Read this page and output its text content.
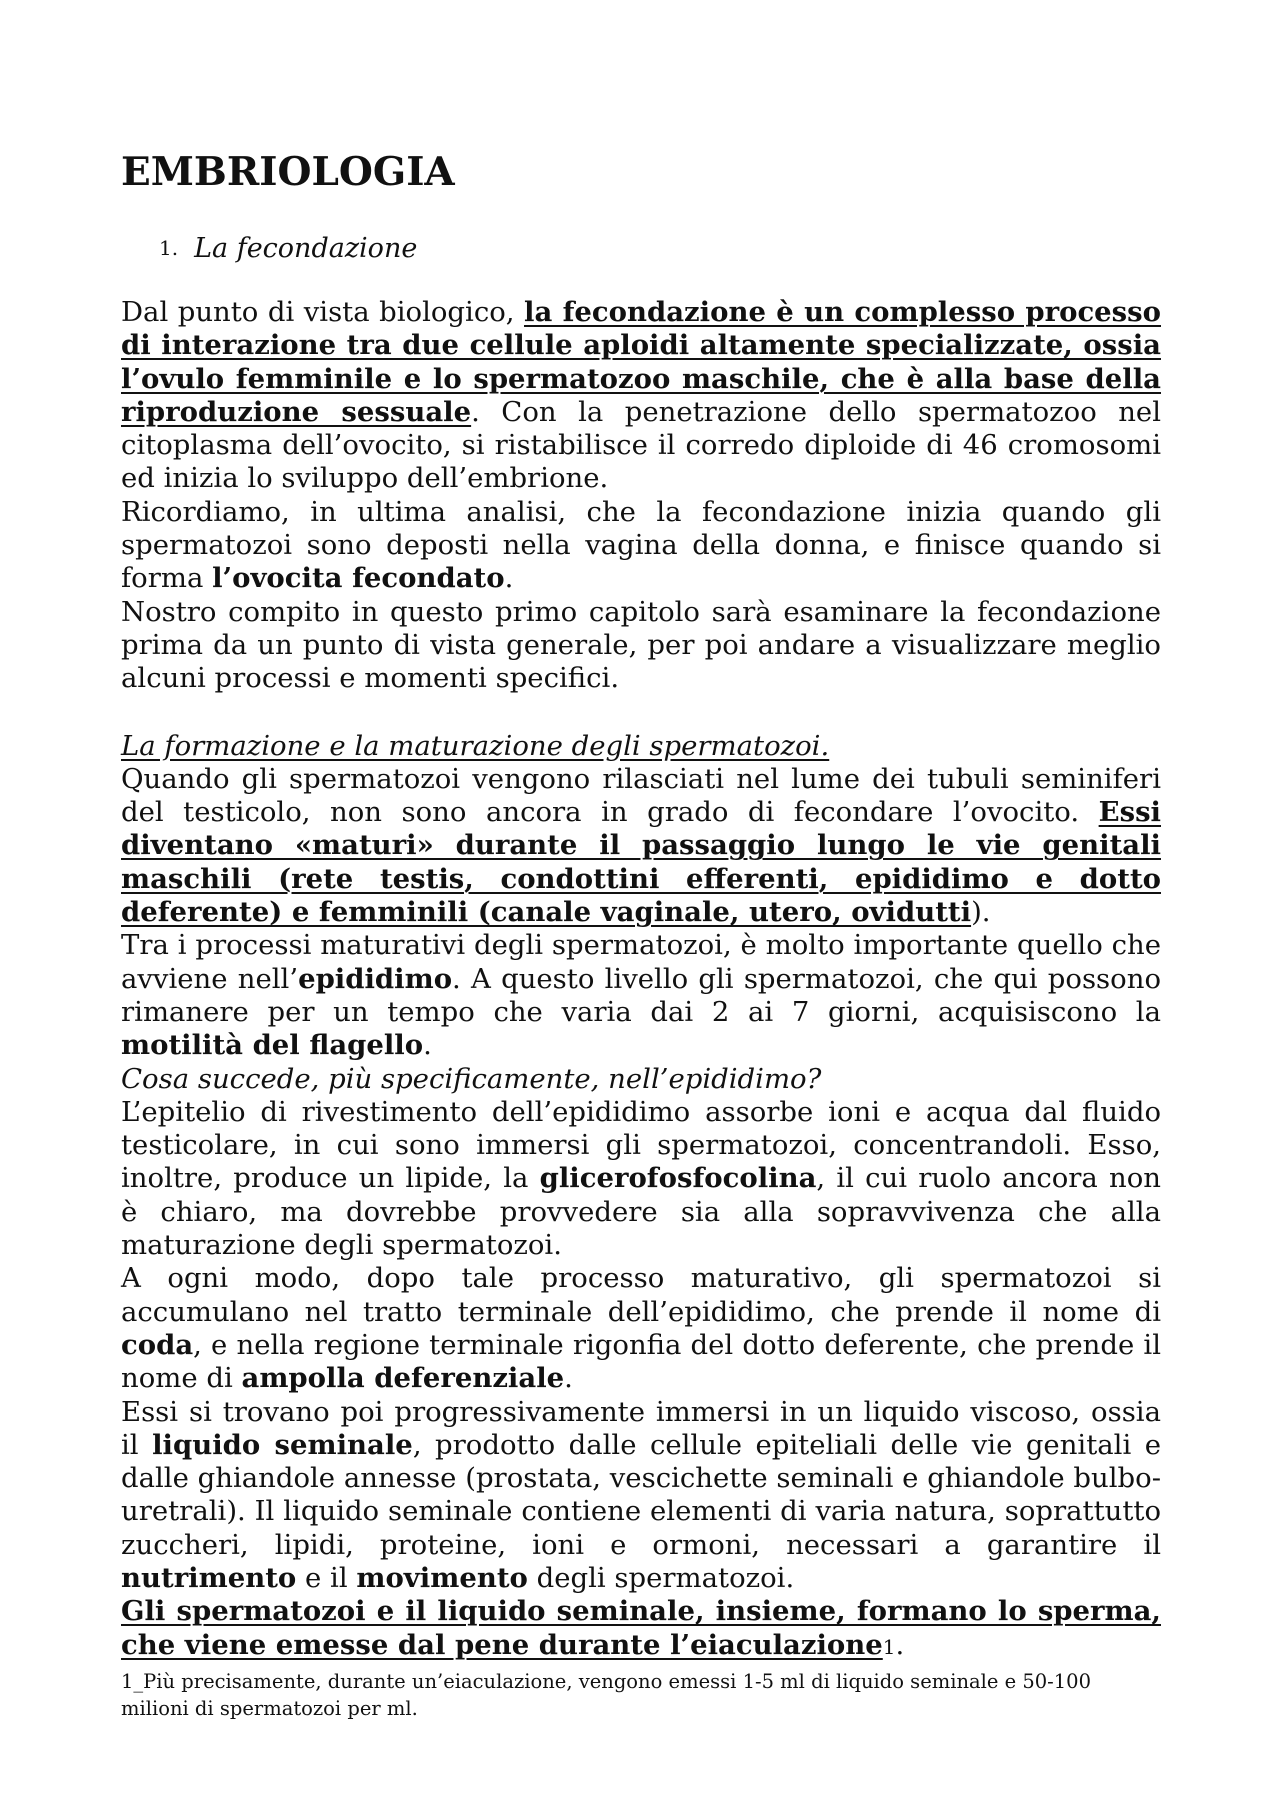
EMBRIOLOGIA
1. La fecondazione

Dal punto di vista biologico, la fecondazione è un complesso processo di interazione tra due cellule aploidi altamente specializzate, ossia l’ovulo femminile e lo spermatozoo maschile, che è alla base della riproduzione sessuale. Con la penetrazione dello spermatozoo nel citoplasma dell’ovocito, si ristabilisce il corredo diploide di 46 cromosomi ed inizia lo sviluppo dell’embrione.

Ricordiamo, in ultima analisi, che la fecondazione inizia quando gli spermatozoi sono deposti nella vagina della donna, e finisce quando si forma l’ovocita fecondato.

Nostro compito in questo primo capitolo sarà esaminare la fecondazione prima da un punto di vista generale, per poi andare a visualizzare meglio alcuni processi e momenti specifici.

La formazione e la maturazione degli spermatozoi.

Quando gli spermatozoi vengono rilasciati nel lume dei tubuli seminiferi del testicolo, non sono ancora in grado di fecondare l’ovocito. Essi diventano «maturi» durante il passaggio lungo le vie genitali maschili (rete testis, condottini efferenti, epididimo e dotto deferente) e femminili (canale vaginale, utero, ovidutti).

Tra i processi maturativi degli spermatozoi, è molto importante quello che avviene nell’epididimo. A questo livello gli spermatozoi, che qui possono rimanere per un tempo che varia dai 2 ai 7 giorni, acquisiscono la motilità del flagello.

Cosa succede, più specificamente, nell’epididimo?

L’epitelio di rivestimento dell’epididimo assorbe ioni e acqua dal fluido testicolare, in cui sono immersi gli spermatozoi, concentrandoli. Esso, inoltre, produce un lipide, la glicerofosfocolina, il cui ruolo ancora non è chiaro, ma dovrebbe provvedere sia alla sopravvivenza che alla maturazione degli spermatozoi.

A ogni modo, dopo tale processo maturativo, gli spermatozoi si accumulano nel tratto terminale dell’epididimo, che prende il nome di coda, e nella regione terminale rigonfia del dotto deferente, che prende il nome di ampolla deferenziale.

Essi si trovano poi progressivamente immersi in un liquido viscoso, ossia il liquido seminale, prodotto dalle cellule epiteliali delle vie genitali e dalle ghiandole annesse (prostata, vescichette seminali e ghiandole bulbo-uretrali). Il liquido seminale contiene elementi di varia natura, soprattutto zuccheri, lipidi, proteine, ioni e ormoni, necessari a garantire il nutrimento e il movimento degli spermatozoi.

Gli spermatozoi e il liquido seminale, insieme, formano lo sperma, che viene emesse dal pene durante l’eiaculazione1.

1_Più precisamente, durante un’eiaculazione, vengono emessi 1-5 ml di liquido seminale e 50-100 milioni di spermatozoi per ml.
